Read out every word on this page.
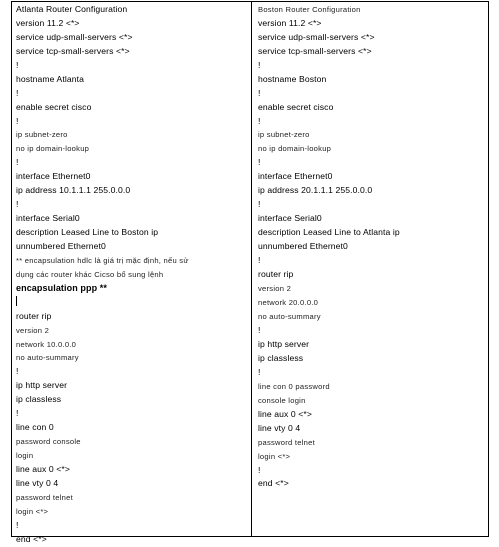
Atlanta Router Configuration
version 11.2 <*>
service udp-small-servers <*>
service tcp-small-servers <*>
!
hostname Atlanta
!
enable secret cisco
!
ip subnet-zero
no ip domain-lookup
!
interface Ethernet0
ip address 10.1.1.1 255.0.0.0
!
interface Serial0
description Leased Line to Boston ip
unnumbered Ethernet0
** encapsulation hdlc là giá trị mặc định, nếu sử
dụng các router khác Cicso bổ sung lệnh
encapsulation ppp **
router rip
version 2
network 10.0.0.0
no auto-summary
!
ip http server
ip classless
!
line con 0
password console
login
line aux 0 <*>
line vty 0 4
password telnet
login <*>
!
end <*>
Boston Router Configuration
version 11.2 <*>
service udp-small-servers <*>
service tcp-small-servers <*>
!
hostname Boston
!
enable secret cisco
!
ip subnet-zero
no ip domain-lookup
!
interface Ethernet0
ip address 20.1.1.1 255.0.0.0
!
interface Serial0
description Leased Line to Atlanta ip
unnumbered Ethernet0
!
router rip
version 2
network 20.0.0.0
no auto-summary
!
ip http server
ip classless
!
line con 0 password
console login
line aux 0 <*>
line vty 0 4
password telnet
login <*>
!
end <*>
